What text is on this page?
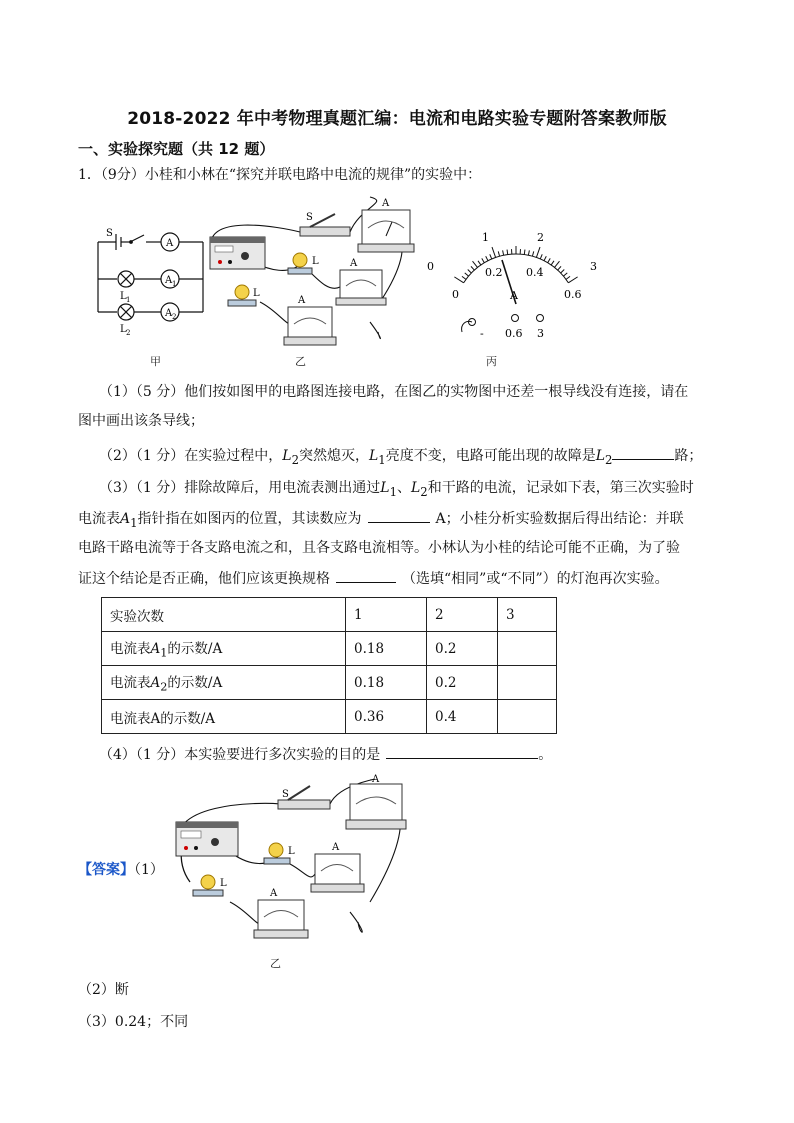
2018-2022 年中考物理真题汇编：电流和电路实验专题附答案教师版
一、实验探究题（共 12 题）
1．（9分）小桂和小林在“探究并联电路中电流的规律”的实验中：
S
A
A 1
A 2
L 1
L 2
甲
S
A
L	A
L
A
乙
0
1	2
3
0
0.2 0.4
0.6
A
- 0.6 3
丙
（1）（5 分）他们按如图甲的电路图连接电路，在图乙的实物图中还差一根导线没有连接，请在
图中画出该条导线；
（2）（1 分）在实验过程中，$L_2$突然熄灭，$L_1$亮度不变，电路可能出现的故障是$L_2$	路；
（3）（1 分）排除故障后，用电流表测出通过$L_1$、$L_2$和干路的电流，记录如下表，第三次实验时
电流表$A_1$指针指在如图丙的位置，其读数应为	A；小桂分析实验数据后得出结论：并联
电路干路电流等于各支路电流之和，且各支路电流相等。小林认为小桂的结论可能不正确，为了验
证这个结论是否正确，他们应该更换规格	（选填“相同”或“不同”）的灯泡再次实验。
实验次数	1	2	3
电流表$A_1$的示数/A	0.18	0.2	
电流表$A_2$的示数/A	0.18	0.2	
电流表A的示数/A	0.36	0.4	
（4）（1 分）本实验要进行多次实验的目的是	。
【答案】（1）
S
A
L	A
L
A
乙
（2）断
（3）0.24；不同
